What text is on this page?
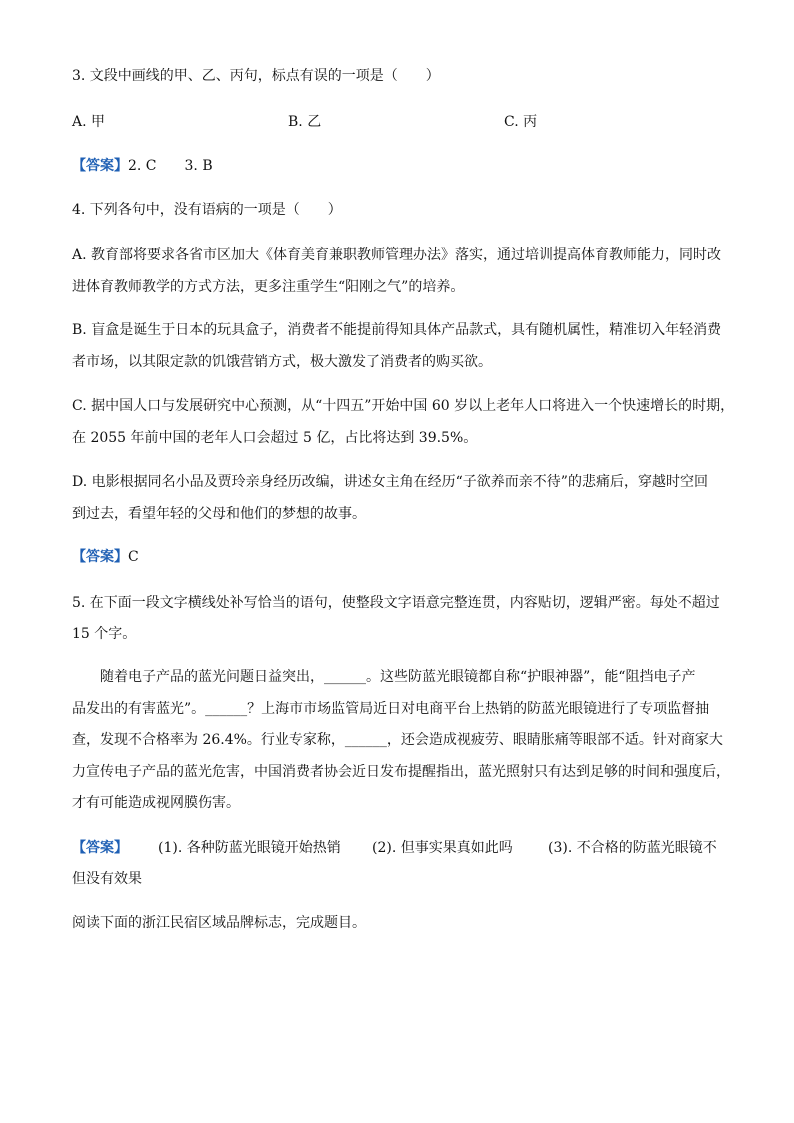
3. 文段中画线的甲、乙、丙句，标点有误的一项是（　　）
A. 甲	B. 乙	C. 丙
【答案】2. C　　3. B
4. 下列各句中，没有语病的一项是（　　）
A. 教育部将要求各省市区加大《体育美育兼职教师管理办法》落实，通过培训提高体育教师能力，同时改
进体育教师教学的方式方法，更多注重学生“阳刚之气”的培养。
B. 盲盒是诞生于日本的玩具盒子，消费者不能提前得知具体产品款式，具有随机属性，精准切入年轻消费
者市场，以其限定款的饥饿营销方式，极大激发了消费者的购买欲。
C. 据中国人口与发展研究中心预测，从“十四五”开始中国 60 岁以上老年人口将进入一个快速增长的时期，
在 2055 年前中国的老年人口会超过 5 亿，占比将达到 39.5%。
D. 电影根据同名小品及贾玲亲身经历改编，讲述女主角在经历“子欲养而亲不待”的悲痛后，穿越时空回
到过去，看望年轻的父母和他们的梦想的故事。
【答案】C
5. 在下面一段文字横线处补写恰当的语句，使整段文字语意完整连贯，内容贴切，逻辑严密。每处不超过
15 个字。
随着电子产品的蓝光问题日益突出，______。这些防蓝光眼镜都自称“护眼神器”，能“阻挡电子产
品发出的有害蓝光”。______？上海市市场监管局近日对电商平台上热销的防蓝光眼镜进行了专项监督抽
查，发现不合格率为 26.4%。行业专家称，______，还会造成视疲劳、眼睛胀痛等眼部不适。针对商家大
力宣传电子产品的蓝光危害，中国消费者协会近日发布提醒指出，蓝光照射只有达到足够的时间和强度后，
才有可能造成视网膜伤害。
【答案】 (1). 各种防蓝光眼镜开始热销 (2). 但事实果真如此吗	(3). 不合格的防蓝光眼镜不
但没有效果
阅读下面的浙江民宿区域品牌标志，完成题目。
